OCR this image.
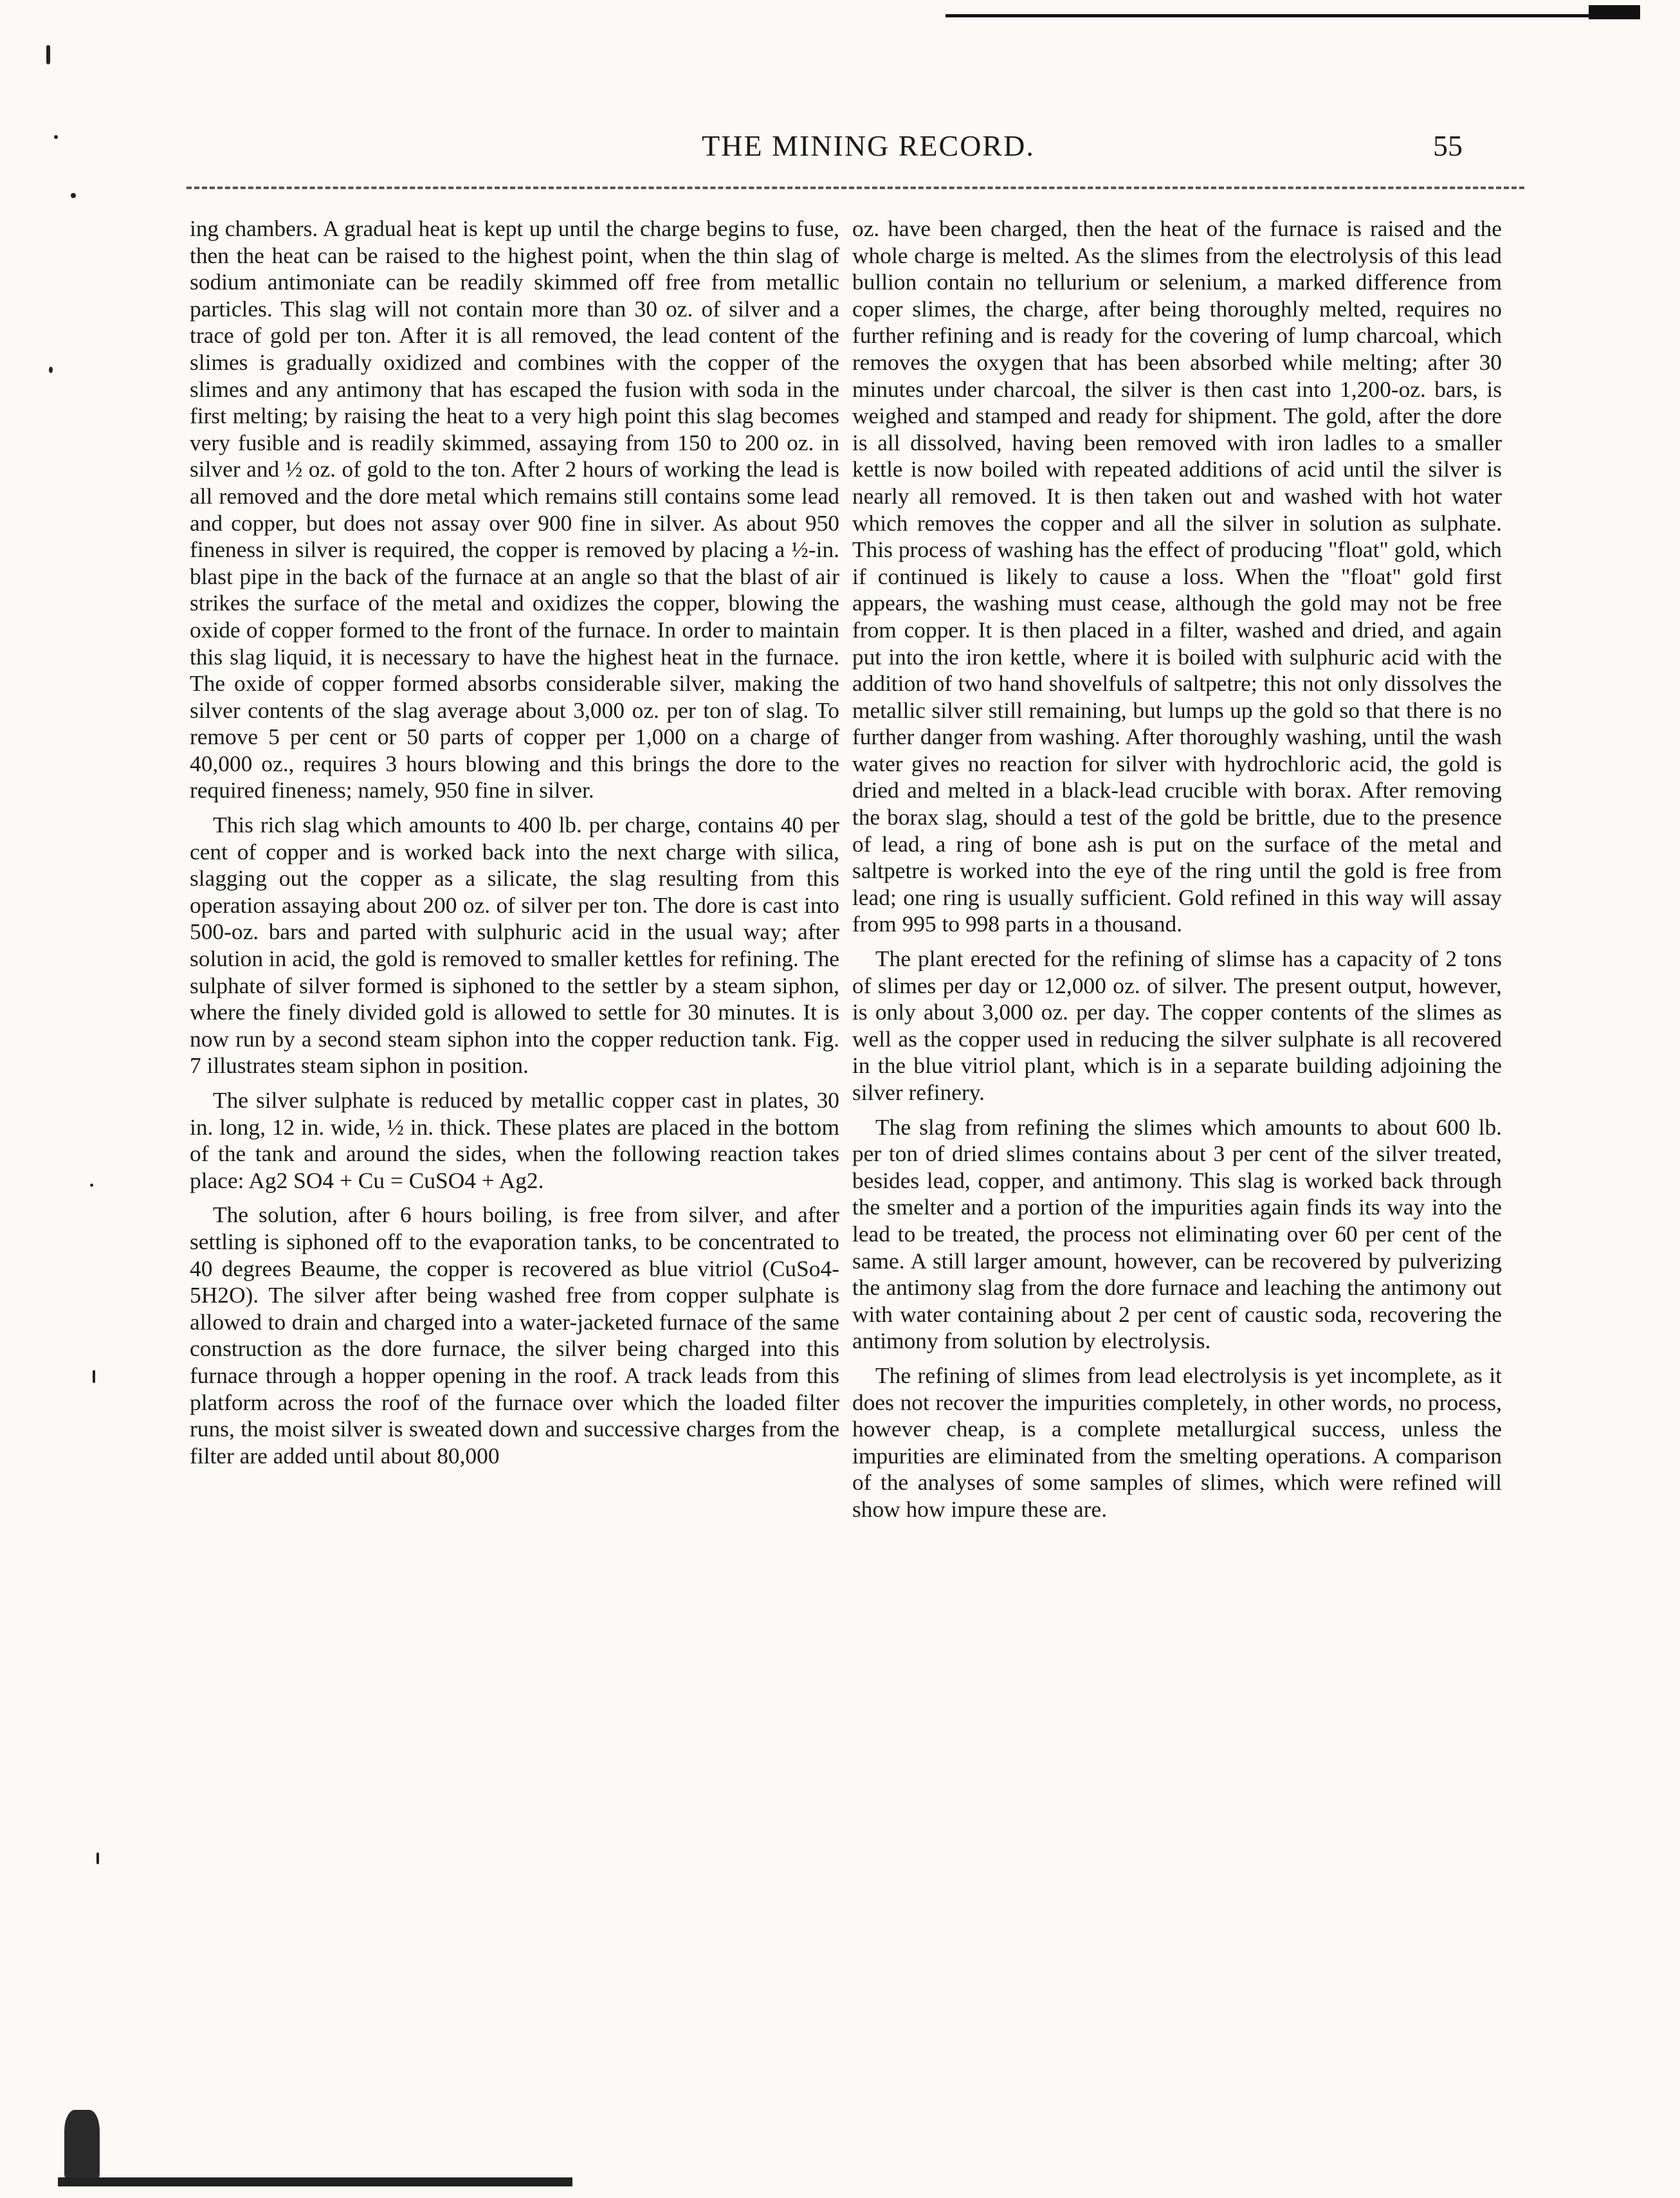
THE MINING RECORD.	55

ing chambers. A gradual heat is kept up until the charge begins to fuse, then the heat can be raised to the highest point, when the thin slag of sodium antimoniate can be readily skimmed off free from metallic particles. This slag will not contain more than 30 oz. of silver and a trace of gold per ton. After it is all removed, the lead content of the slimes is gradually oxidized and combines with the copper of the slimes and any antimony that has escaped the fusion with soda in the first melting; by raising the heat to a very high point this slag becomes very fusible and is readily skimmed, assaying from 150 to 200 oz. in silver and ½ oz. of gold to the ton. After 2 hours of working the lead is all removed and the dore metal which remains still contains some lead and copper, but does not assay over 900 fine in silver. As about 950 fineness in silver is required, the copper is removed by placing a ½-in. blast pipe in the back of the furnace at an angle so that the blast of air strikes the surface of the metal and oxidizes the copper, blowing the oxide of copper formed to the front of the furnace. In order to maintain this slag liquid, it is necessary to have the highest heat in the furnace. The oxide of copper formed absorbs considerable silver, making the silver contents of the slag average about 3,000 oz. per ton of slag. To remove 5 per cent or 50 parts of copper per 1,000 on a charge of 40,000 oz., requires 3 hours blowing and this brings the dore to the required fineness; namely, 950 fine in silver.

This rich slag which amounts to 400 lb. per charge, contains 40 per cent of copper and is worked back into the next charge with silica, slagging out the copper as a silicate, the slag resulting from this operation assaying about 200 oz. of silver per ton. The dore is cast into 500-oz. bars and parted with sulphuric acid in the usual way; after solution in acid, the gold is removed to smaller kettles for refining. The sulphate of silver formed is siphoned to the settler by a steam siphon, where the finely divided gold is allowed to settle for 30 minutes. It is now run by a second steam siphon into the copper reduction tank. Fig. 7 illustrates steam siphon in position.

The silver sulphate is reduced by metallic copper cast in plates, 30 in. long, 12 in. wide, ½ in. thick. These plates are placed in the bottom of the tank and around the sides, when the following reaction takes place: Ag2 SO4 + Cu = CuSO4 + Ag2.

The solution, after 6 hours boiling, is free from silver, and after settling is siphoned off to the evaporation tanks, to be concentrated to 40 degrees Beaume, the copper is recovered as blue vitriol (CuSo4-5H2O). The silver after being washed free from copper sulphate is allowed to drain and charged into a water-jacketed furnace of the same construction as the dore furnace, the silver being charged into this furnace through a hopper opening in the roof. A track leads from this platform across the roof of the furnace over which the loaded filter runs, the moist silver is sweated down and successive charges from the filter are added until about 80,000

oz. have been charged, then the heat of the furnace is raised and the whole charge is melted. As the slimes from the electrolysis of this lead bullion contain no tellurium or selenium, a marked difference from coper slimes, the charge, after being thoroughly melted, requires no further refining and is ready for the covering of lump charcoal, which removes the oxygen that has been absorbed while melting; after 30 minutes under charcoal, the silver is then cast into 1,200-oz. bars, is weighed and stamped and ready for shipment. The gold, after the dore is all dissolved, having been removed with iron ladles to a smaller kettle is now boiled with repeated additions of acid until the silver is nearly all removed. It is then taken out and washed with hot water which removes the copper and all the silver in solution as sulphate. This process of washing has the effect of producing "float" gold, which if continued is likely to cause a loss. When the "float" gold first appears, the washing must cease, although the gold may not be free from copper. It is then placed in a filter, washed and dried, and again put into the iron kettle, where it is boiled with sulphuric acid with the addition of two hand shovelfuls of saltpetre; this not only dissolves the metallic silver still remaining, but lumps up the gold so that there is no further danger from washing. After thoroughly washing, until the wash water gives no reaction for silver with hydrochloric acid, the gold is dried and melted in a black-lead crucible with borax. After removing the borax slag, should a test of the gold be brittle, due to the presence of lead, a ring of bone ash is put on the surface of the metal and saltpetre is worked into the eye of the ring until the gold is free from lead; one ring is usually sufficient. Gold refined in this way will assay from 995 to 998 parts in a thousand.

The plant erected for the refining of slimse has a capacity of 2 tons of slimes per day or 12,000 oz. of silver. The present output, however, is only about 3,000 oz. per day. The copper contents of the slimes as well as the copper used in reducing the silver sulphate is all recovered in the blue vitriol plant, which is in a separate building adjoining the silver refinery.

The slag from refining the slimes which amounts to about 600 lb. per ton of dried slimes contains about 3 per cent of the silver treated, besides lead, copper, and antimony. This slag is worked back through the smelter and a portion of the impurities again finds its way into the lead to be treated, the process not eliminating over 60 per cent of the same. A still larger amount, however, can be recovered by pulverizing the antimony slag from the dore furnace and leaching the antimony out with water containing about 2 per cent of caustic soda, recovering the antimony from solution by electrolysis.

The refining of slimes from lead electrolysis is yet incomplete, as it does not recover the impurities completely, in other words, no process, however cheap, is a complete metallurgical success, unless the impurities are eliminated from the smelting operations. A comparison of the analyses of some samples of slimes, which were refined will show how impure these are.
